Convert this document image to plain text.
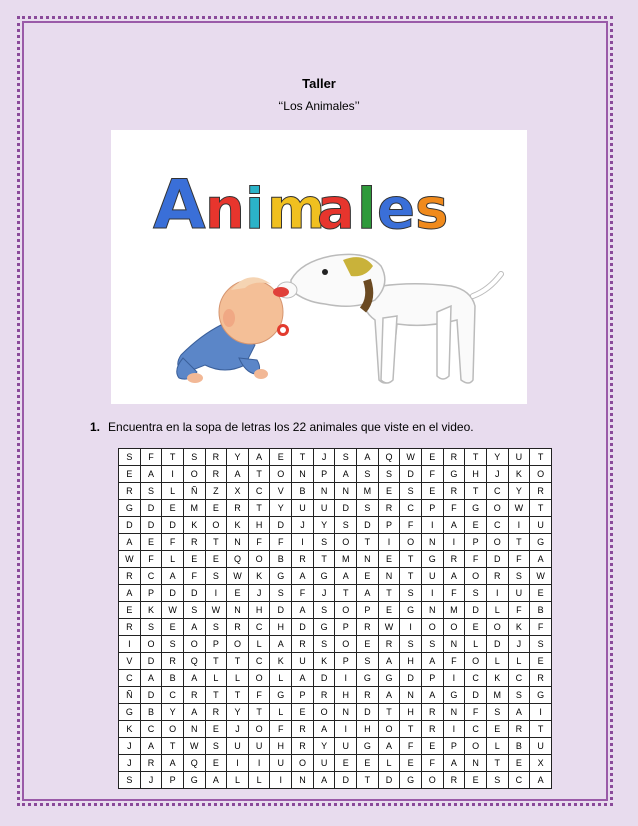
Taller
‘‘Los Animales’’
A n i m
a l e s
1. Encuentra en la sopa de letras los 22 animales que viste en el video.
S	F	T	S	R	Y	A	E	T	J	S	A	Q	W	E	R	T	Y	U	T
E	A	I	O	R	A	T	O	N	P	A	S	S	D	F	G	H	J	K	O
R	S	L	Ñ	Z	X	C	V	B	N	N	M	E	S	E	R	T	C	Y	R
G	D	E	M	E	R	T	Y	U	U	D	S	R	C	P	F	G	O	W	T
D	D	D	K	O	K	H	D	J	Y	S	D	P	F	I	A	E	C	I	U
A	E	F	R	T	N	F	F	I	S	O	T	I	O	N	I	P	O	T	G
W	F	L	E	E	Q	O	B	R	T	M	N	E	T	G	R	F	D	F	A
R	C	A	F	S	W	K	G	A	G	A	E	N	T	U	A	O	R	S	W
A	P	D	D	I	E	J	S	F	J	T	A	T	S	I	F	S	I	U	E
E	K	W	S	W	N	H	D	A	S	O	P	E	G	N	M	D	L	F	B
R	S	E	A	S	R	C	H	D	G	P	R	W	I	O	O	E	O	K	F
I	O	S	O	P	O	L	A	R	S	O	E	R	S	S	N	L	D	J	S
V	D	R	Q	T	T	C	K	U	K	P	S	A	H	A	F	O	L	L	E
C	A	B	A	L	L	O	L	A	D	I	G	G	D	P	I	C	K	C	R
Ñ	D	C	R	T	T	F	G	P	R	H	R	A	N	A	G	D	M	S	G
G	B	Y	A	R	Y	T	L	E	O	N	D	T	H	R	N	F	S	A	I
K	C	O	N	E	J	O	F	R	A	I	H	O	T	R	I	C	E	R	T
J	A	T	W	S	U	U	H	R	Y	U	G	A	F	E	P	O	L	B	U
J	R	A	Q	E	I	I	U	O	U	E	E	L	E	F	A	N	T	E	X
S	J	P	G	A	L	L	I	N	A	D	T	D	G	O	R	E	S	C	A
